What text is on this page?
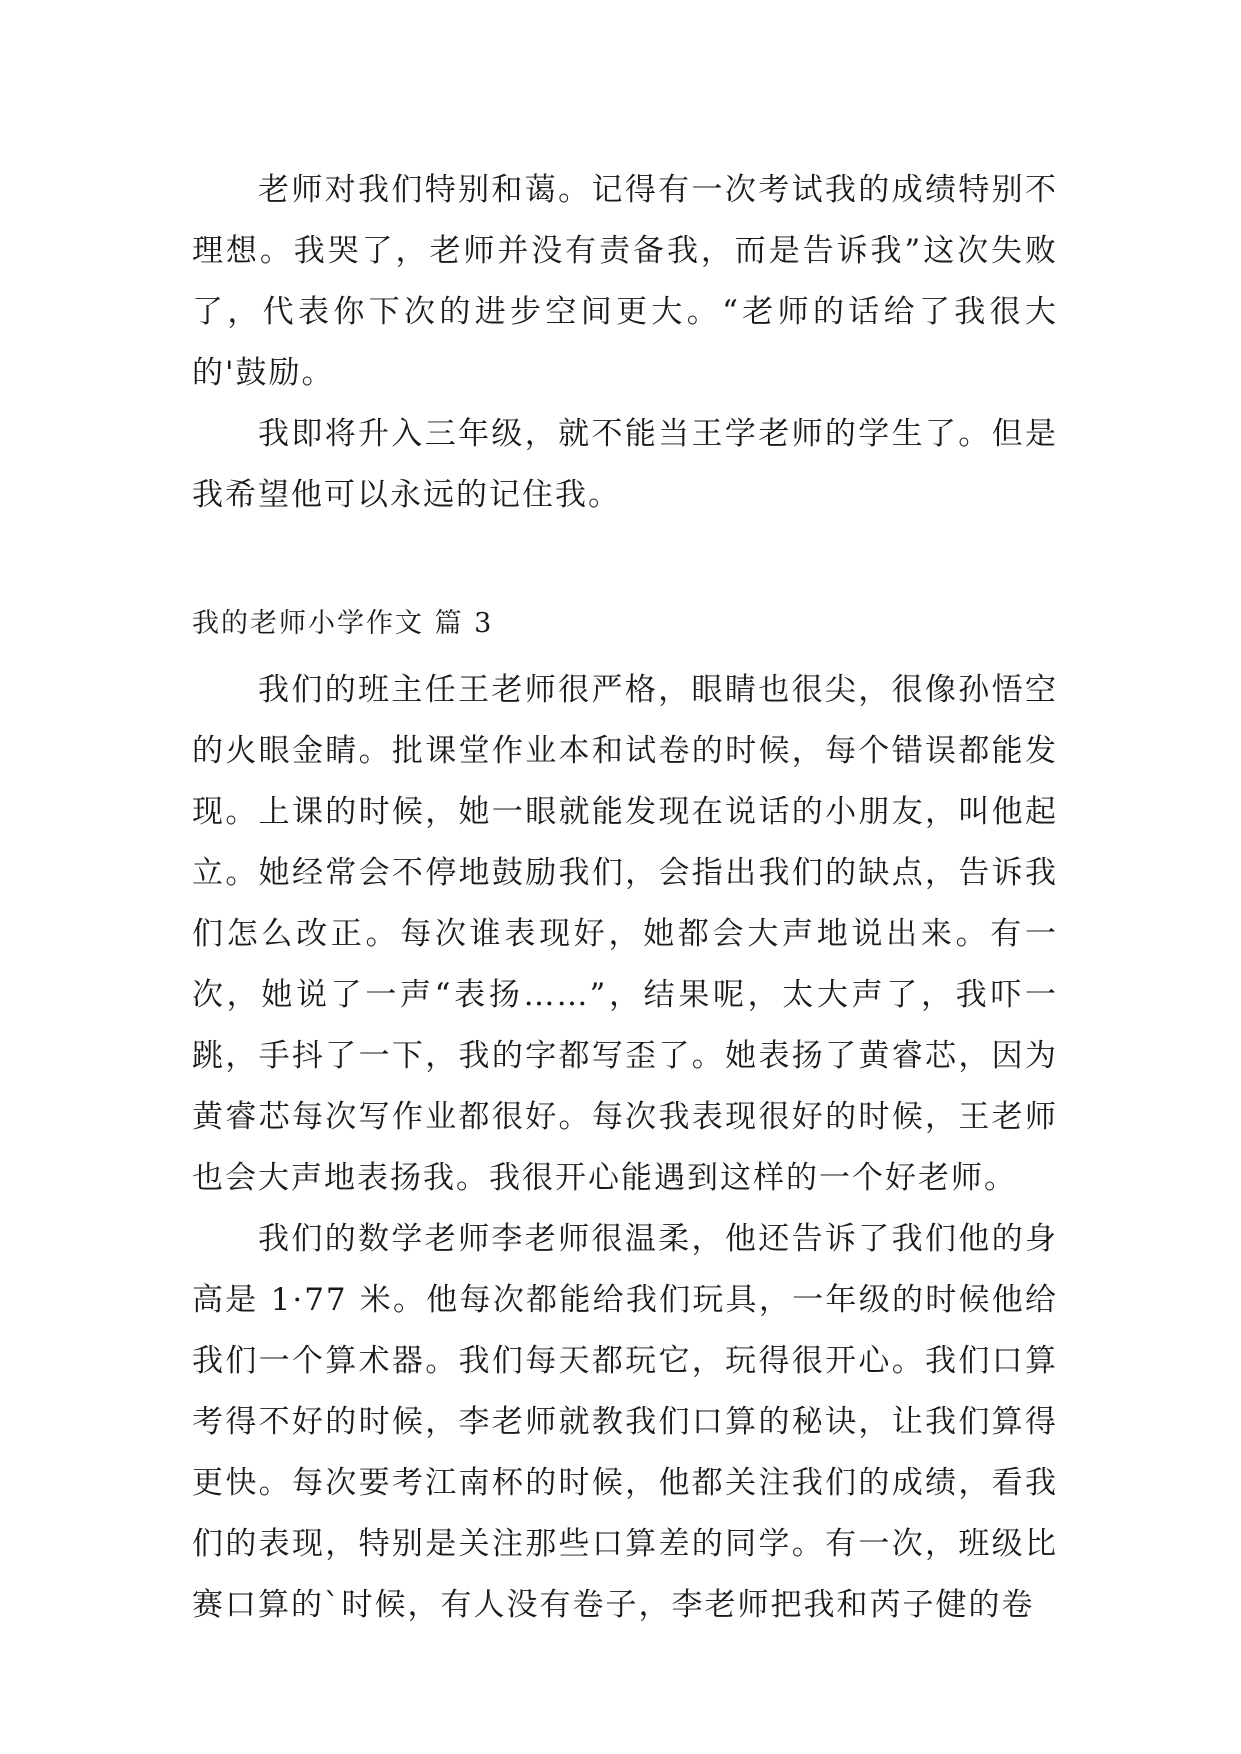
老师对我们特别和蔼。记得有一次考试我的成绩特别不理想。我哭了，老师并没有责备我，而是告诉我”这次失败了，代表你下次的进步空间更大。“老师的话给了我很大的'鼓励。

我即将升入三年级，就不能当王学老师的学生了。但是我希望他可以永远的记住我。

我的老师小学作文 篇 3

我们的班主任王老师很严格，眼睛也很尖，很像孙悟空的火眼金睛。批课堂作业本和试卷的时候，每个错误都能发现。上课的时候，她一眼就能发现在说话的小朋友，叫他起立。她经常会不停地鼓励我们，会指出我们的缺点，告诉我们怎么改正。每次谁表现好，她都会大声地说出来。有一次，她说了一声“表扬……”，结果呢，太大声了，我吓一跳，手抖了一下，我的字都写歪了。她表扬了黄睿芯，因为黄睿芯每次写作业都很好。每次我表现很好的时候，王老师也会大声地表扬我。我很开心能遇到这样的一个好老师。

我们的数学老师李老师很温柔，他还告诉了我们他的身高是 1·77 米。他每次都能给我们玩具，一年级的时候他给我们一个算术器。我们每天都玩它，玩得很开心。我们口算考得不好的时候，李老师就教我们口算的秘诀，让我们算得更快。每次要考江南杯的时候，他都关注我们的成绩，看我们的表现，特别是关注那些口算差的同学。有一次，班级比赛口算的`时候，有人没有卷子，李老师把我和芮子健的卷
